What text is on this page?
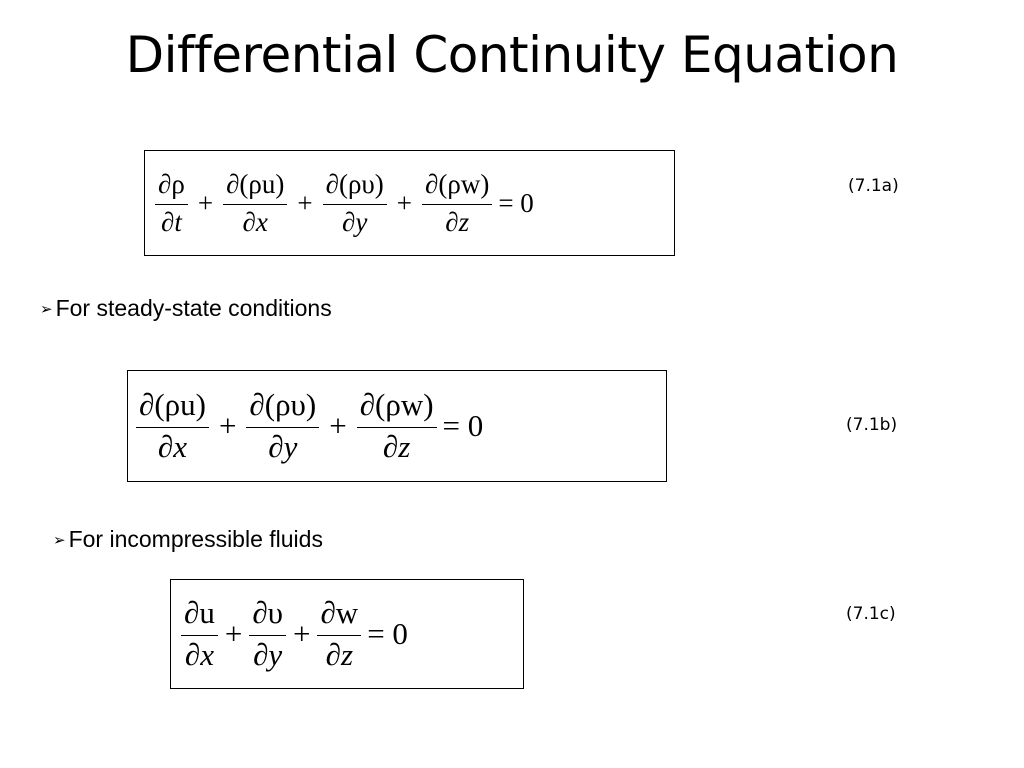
Differential Continuity Equation
$\frac{\partial\rho}{\partial t} + \frac{\partial(\rho u)}{\partial x} + \frac{\partial(\rho\upsilon)}{\partial y} + \frac{\partial(\rho w)}{\partial z} = 0$
(7.1a)
➢ For steady-state conditions
$\frac{\partial(\rho u)}{\partial x} + \frac{\partial(\rho\upsilon)}{\partial y} + \frac{\partial(\rho w)}{\partial z} = 0$	(7.1b)
➢ For incompressible fluids
$\frac{\partial u}{\partial x} + \frac{\partial\upsilon}{\partial y} + \frac{\partial w}{\partial z} = 0$
(7.1c)
